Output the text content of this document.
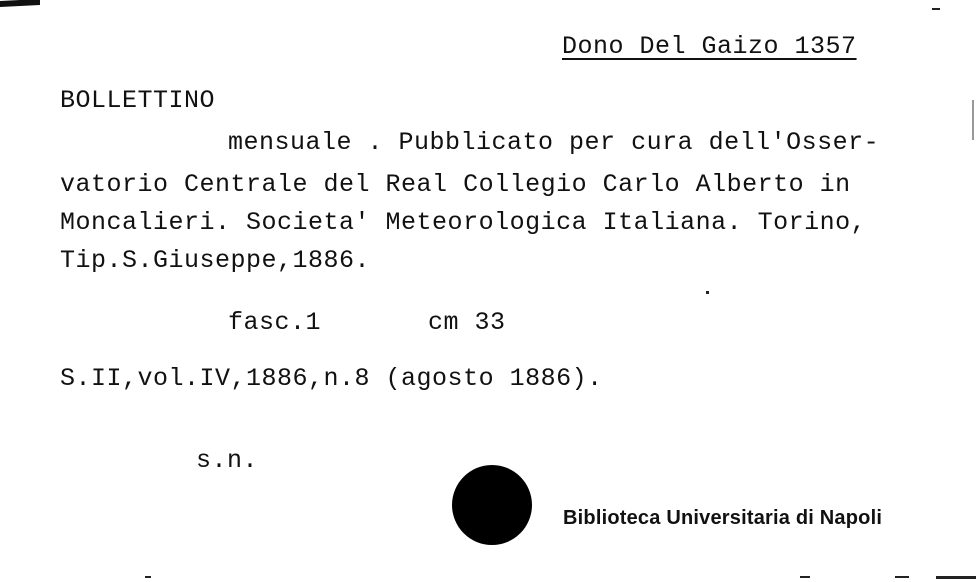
Dono Del Gaizo 1357
BOLLETTINO
mensuale . Pubblicato per cura dell'Osser-
vatorio Centrale del Real Collegio Carlo Alberto in
Moncalieri. Societa' Meteorologica Italiana. Torino,
Tip.S.Giuseppe,1886.
fasc.1	cm 33
S.II,vol.IV,1886,n.8 (agosto 1886).
s.n.
Biblioteca Universitaria di Napoli
